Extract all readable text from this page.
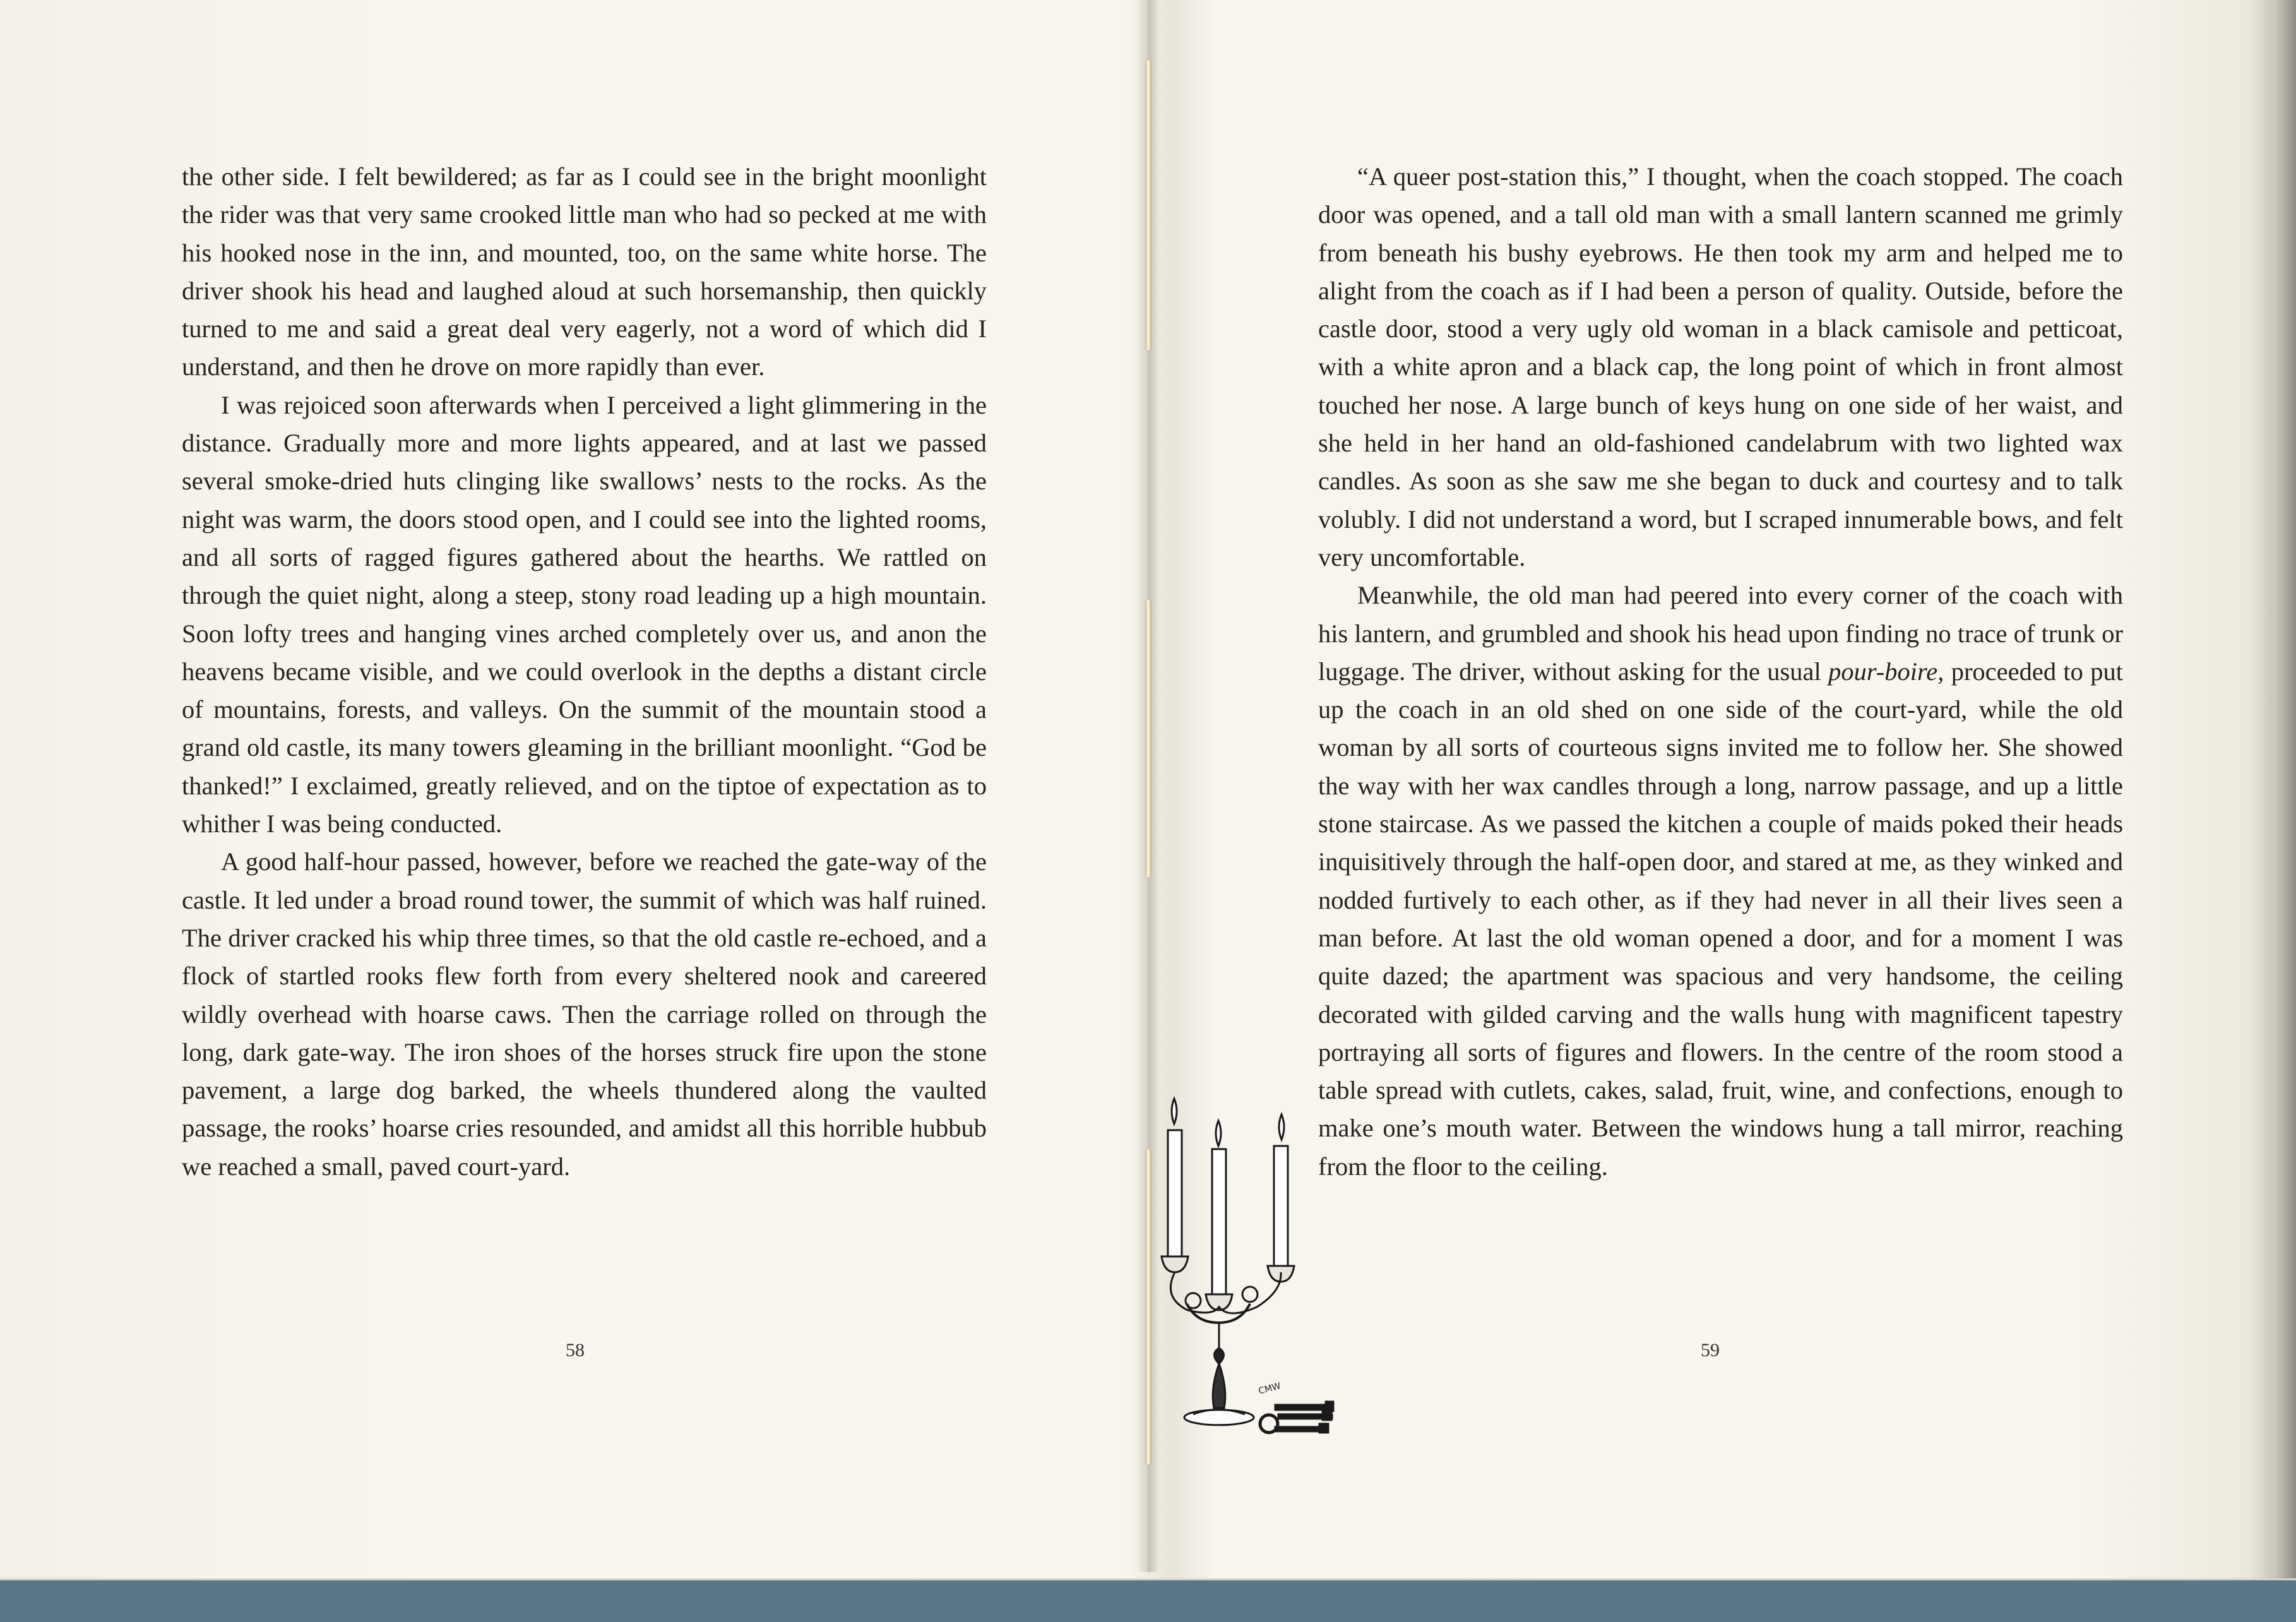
the other side. I felt bewildered; as far as I could see in the bright moonlight the rider was that very same crooked little man who had so pecked at me with his hooked nose in the inn, and mounted, too, on the same white horse. The driver shook his head and laughed aloud at such horsemanship, then quickly turned to me and said a great deal very eagerly, not a word of which did I understand, and then he drove on more rapidly than ever.

I was rejoiced soon afterwards when I perceived a light glimmering in the distance. Gradually more and more lights appeared, and at last we passed several smoke-dried huts clinging like swallows’ nests to the rocks. As the night was warm, the doors stood open, and I could see into the lighted rooms, and all sorts of ragged figures gathered about the hearths. We rattled on through the quiet night, along a steep, stony road leading up a high mountain. Soon lofty trees and hanging vines arched completely over us, and anon the heavens became visible, and we could overlook in the depths a distant circle of mountains, forests, and valleys. On the summit of the mountain stood a grand old castle, its many towers gleaming in the brilliant moonlight. “God be thanked!” I exclaimed, greatly relieved, and on the tiptoe of expectation as to whither I was being conducted.

A good half-hour passed, however, before we reached the gate-way of the castle. It led under a broad round tower, the summit of which was half ruined. The driver cracked his whip three times, so that the old castle re-echoed, and a flock of startled rooks flew forth from every sheltered nook and careered wildly overhead with hoarse caws. Then the carriage rolled on through the long, dark gate-way. The iron shoes of the horses struck fire upon the stone pavement, a large dog barked, the wheels thundered along the vaulted passage, the rooks’ hoarse cries resounded, and amidst all this horrible hubbub we reached a small, paved court-yard.

58

“A queer post-station this,” I thought, when the coach stopped. The coach door was opened, and a tall old man with a small lantern scanned me grimly from beneath his bushy eyebrows. He then took my arm and helped me to alight from the coach as if I had been a person of quality. Outside, before the castle door, stood a very ugly old woman in a black camisole and petticoat, with a white apron and a black cap, the long point of which in front almost touched her nose. A large bunch of keys hung on one side of her waist, and she held in her hand an old-fashioned candelabrum with two lighted wax candles. As soon as she saw me she began to duck and courtesy and to talk volubly. I did not understand a word, but I scraped innumerable bows, and felt very uncomfortable.

Meanwhile, the old man had peered into every corner of the coach with his lantern, and grumbled and shook his head upon finding no trace of trunk or luggage. The driver, without asking for the usual pour-boire, proceeded to put up the coach in an old shed on one side of the court-yard, while the old woman by all sorts of courteous signs invited me to follow her. She showed the way with her wax candles through a long, narrow passage, and up a little stone staircase. As we passed the kitchen a couple of maids poked their heads inquisitively through the half-open door, and stared at me, as they winked and nodded furtively to each other, as if they had never in all their lives seen a man before. At last the old woman opened a door, and for a moment I was quite dazed; the apartment was spacious and very handsome, the ceiling decorated with gilded carving and the walls hung with magnificent tapestry portraying all sorts of figures and flowers. In the centre of the room stood a table spread with cutlets, cakes, salad, fruit, wine, and confections, enough to make one’s mouth water. Between the windows hung a tall mirror, reaching from the floor to the ceiling.

59
CMW
